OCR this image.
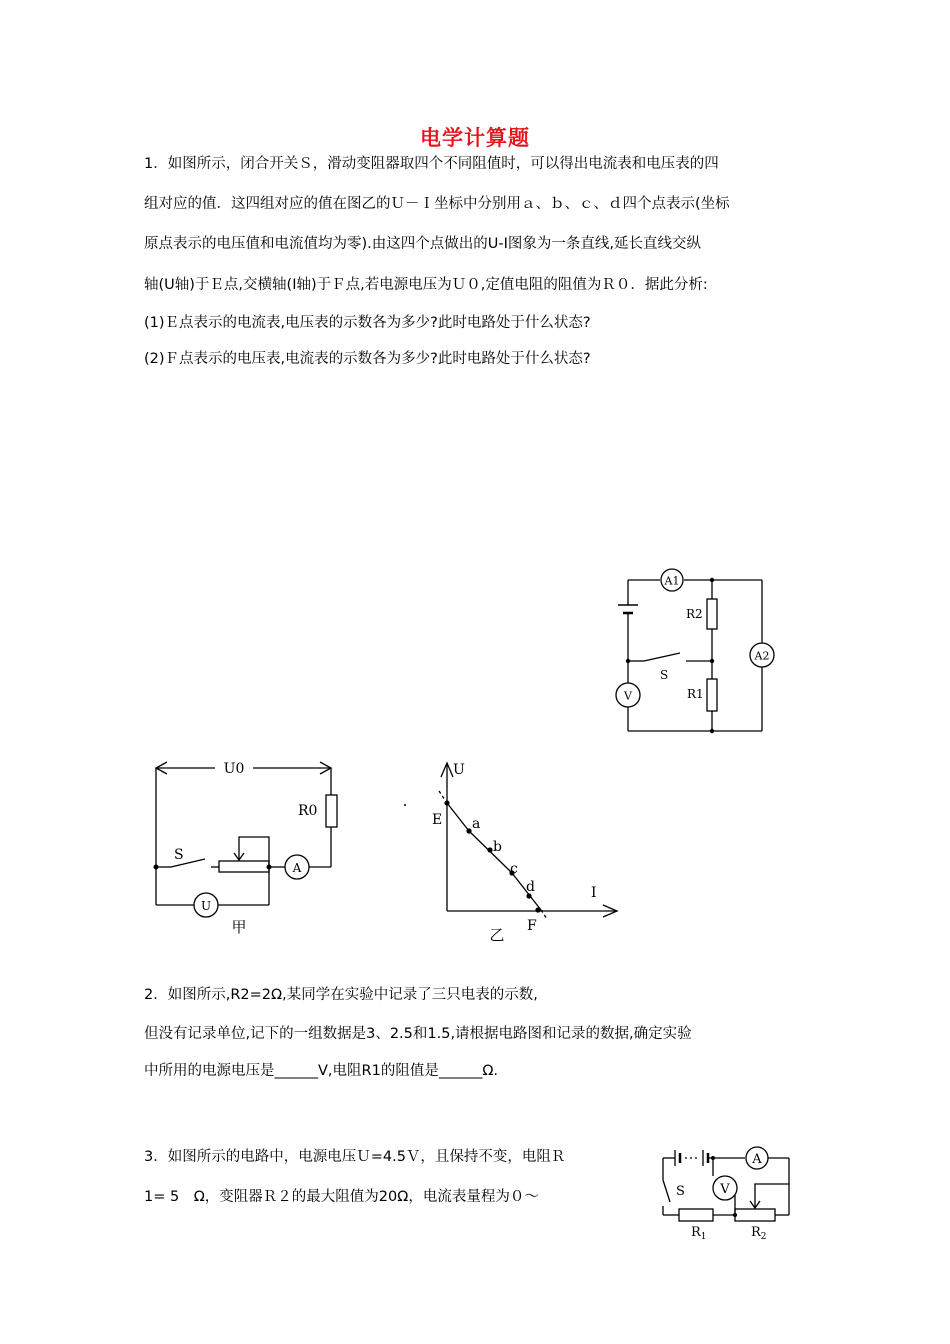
电学计算题
1．如图所示，闭合开关Ｓ，滑动变阻器取四个不同阻值时，可以得出电流表和电压表的四
组对应的值．这四组对应的值在图乙的Ｕ－Ｉ坐标中分别用ａ、ｂ、ｃ、ｄ四个点表示(坐标
原点表示的电压值和电流值均为零).由这四个点做出的U-I图象为一条直线,延长直线交纵
轴(U轴)于Ｅ点,交横轴(I轴)于Ｆ点,若电源电压为Ｕ０,定值电阻的阻值为Ｒ０．据此分析:
(1)Ｅ点表示的电流表,电压表的示数各为多少?此时电路处于什么状态?
(2)Ｆ点表示的电压表,电流表的示数各为多少?此时电路处于什么状态?
A1
A2
V
R2
R1
S
U0
R0
S
A
U
甲
U
I
E a
b
c
d
F
乙
2．如图所示,R2=2Ω,某同学在实验中记录了三只电表的示数,
但没有记录单位,记下的一组数据是3、2.5和1.5,请根据电路图和记录的数据,确定实验
中所用的电源电压是______V,电阻R1的阻值是______Ω.
3．如图所示的电路中，电源电压Ｕ=4.5Ｖ，且保持不变，电阻Ｒ
1= 5　Ω，变阻器Ｒ２的最大阻值为20Ω，电流表量程为０～
A
V
S
$R_1$	$R_2$
